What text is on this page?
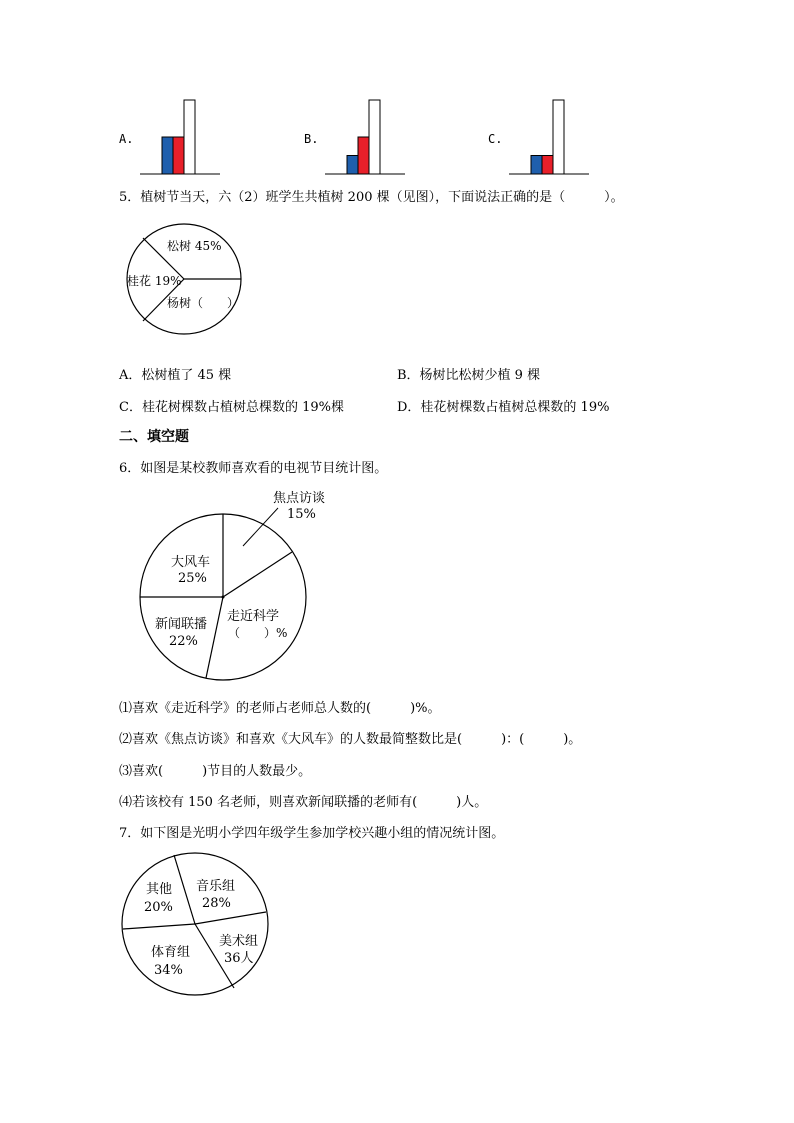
A.	B.	C.
5．植树节当天，六（2）班学生共植树 200 棵（见图），下面说法正确的是（　　　）。
松树 45%
桂花 19%
杨树（　　）
A．松树植了 45 棵	B．杨树比松树少植 9 棵
C．桂花树棵数占植树总棵数的 19%棵	D．桂花树棵数占植树总棵数的 19%
二、填空题
6．如图是某校教师喜欢看的电视节目统计图。
焦点访谈
15%
大风车
25%
新闻联播
22%
走近科学
（　　）%
⑴喜欢《走近科学》的老师占老师总人数的(　　　)%。
⑵喜欢《焦点访谈》和喜欢《大风车》的人数最简整数比是(　　　)：(　　　)。
⑶喜欢(　　　)节目的人数最少。
⑷若该校有 150 名老师，则喜欢新闻联播的老师有(　　　)人。
7．如下图是光明小学四年级学生参加学校兴趣小组的情况统计图。
其他
20%
音乐组
28%
美术组
36人
体育组
34%
